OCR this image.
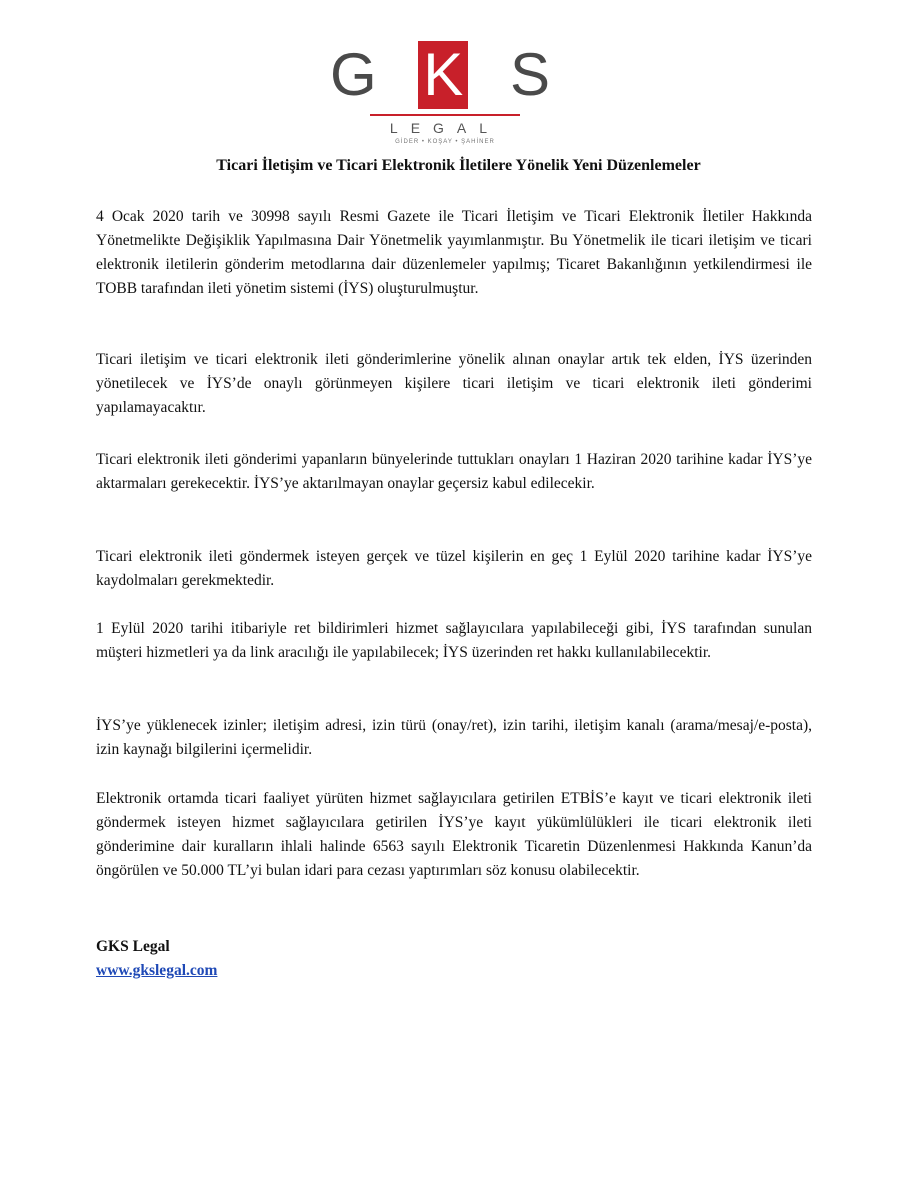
G K S
LEGAL
GİDER • KOŞAY • ŞAHİNER
Ticari İletişim ve Ticari Elektronik İletilere Yönelik Yeni Düzenlemeler

4 Ocak 2020 tarih ve 30998 sayılı Resmi Gazete ile Ticari İletişim ve Ticari Elektronik İletiler Hakkında Yönetmelikte Değişiklik Yapılmasına Dair Yönetmelik yayımlanmıştır. Bu Yönetmelik ile ticari iletişim ve ticari elektronik iletilerin gönderim metodlarına dair düzenlemeler yapılmış; Ticaret Bakanlığının yetkilendirmesi ile TOBB tarafından ileti yönetim sistemi (İYS) oluşturulmuştur.

Ticari iletişim ve ticari elektronik ileti gönderimlerine yönelik alınan onaylar artık tek elden, İYS üzerinden yönetilecek ve İYS’de onaylı görünmeyen kişilere ticari iletişim ve ticari elektronik ileti gönderimi yapılamayacaktır.

Ticari elektronik ileti gönderimi yapanların bünyelerinde tuttukları onayları 1 Haziran 2020 tarihine kadar İYS’ye aktarmaları gerekecektir. İYS’ye aktarılmayan onaylar geçersiz kabul edilecekir.

Ticari elektronik ileti göndermek isteyen gerçek ve tüzel kişilerin en geç 1 Eylül 2020 tarihine kadar İYS’ye kaydolmaları gerekmektedir.

1 Eylül 2020 tarihi itibariyle ret bildirimleri hizmet sağlayıcılara yapılabileceği gibi, İYS tarafından sunulan müşteri hizmetleri ya da link aracılığı ile yapılabilecek; İYS üzerinden ret hakkı kullanılabilecektir.

İYS’ye yüklenecek izinler; iletişim adresi, izin türü (onay/ret), izin tarihi, iletişim kanalı (arama/mesaj/e-posta), izin kaynağı bilgilerini içermelidir.

Elektronik ortamda ticari faaliyet yürüten hizmet sağlayıcılara getirilen ETBİS’e kayıt ve ticari elektronik ileti göndermek isteyen hizmet sağlayıcılara getirilen İYS’ye kayıt yükümlülükleri ile ticari elektronik ileti gönderimine dair kuralların ihlali halinde 6563 sayılı Elektronik Ticaretin Düzenlenmesi Hakkında Kanun’da öngörülen ve 50.000 TL’yi bulan idari para cezası yaptırımları söz konusu olabilecektir.

GKS Legal
www.gkslegal.com
